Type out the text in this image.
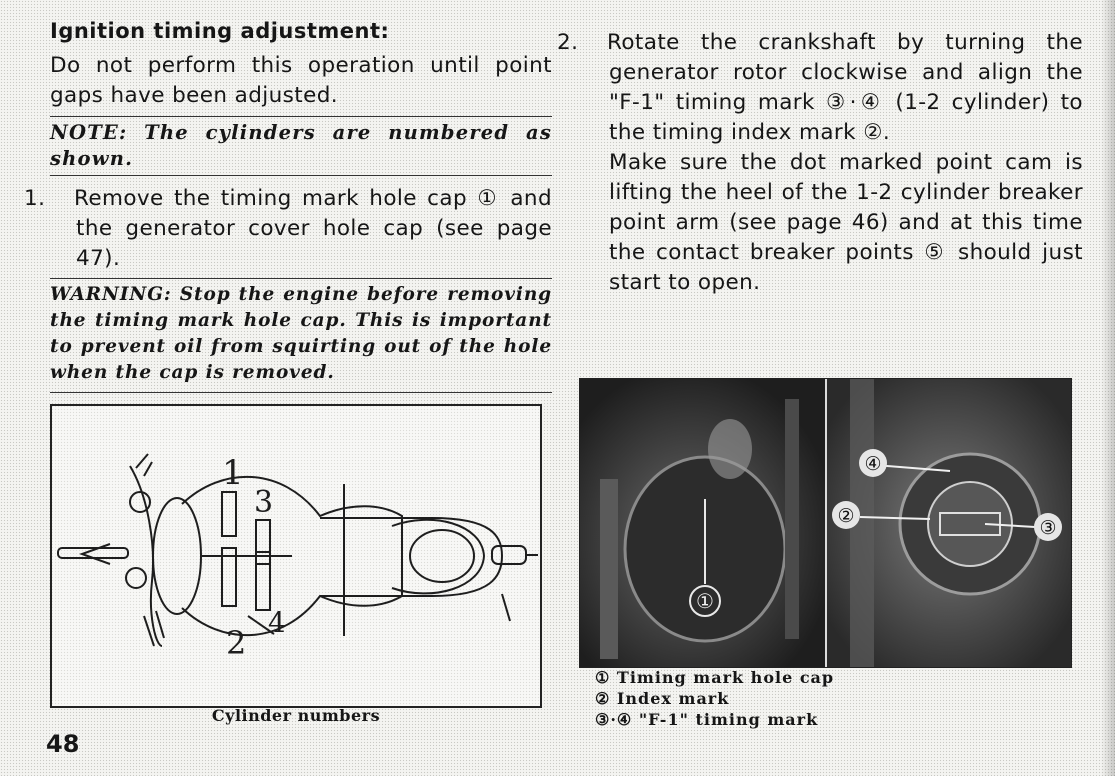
Ignition timing adjustment:
Do not perform this operation until point gaps have been adjusted.
NOTE: The cylinders are numbered as shown.
1. Remove the timing mark hole cap ① and the generator cover hole cap (see page 47).
WARNING: Stop the engine before removing the timing mark hole cap. This is important to prevent oil from squirting out of the hole when the cap is removed.
1
3
2
4
Cylinder numbers
48
2. Rotate the crankshaft by turning the generator rotor clockwise and align the "F-1" timing mark ③·④ (1-2 cylinder) to the timing index mark ②.
Make sure the dot marked point cam is lifting the heel of the 1-2 cylinder breaker point arm (see page 46) and at this time the contact breaker points ⑤ should just start to open.
①
④
②
③
① Timing mark hole cap
② Index mark
③·④ "F-1" timing mark
